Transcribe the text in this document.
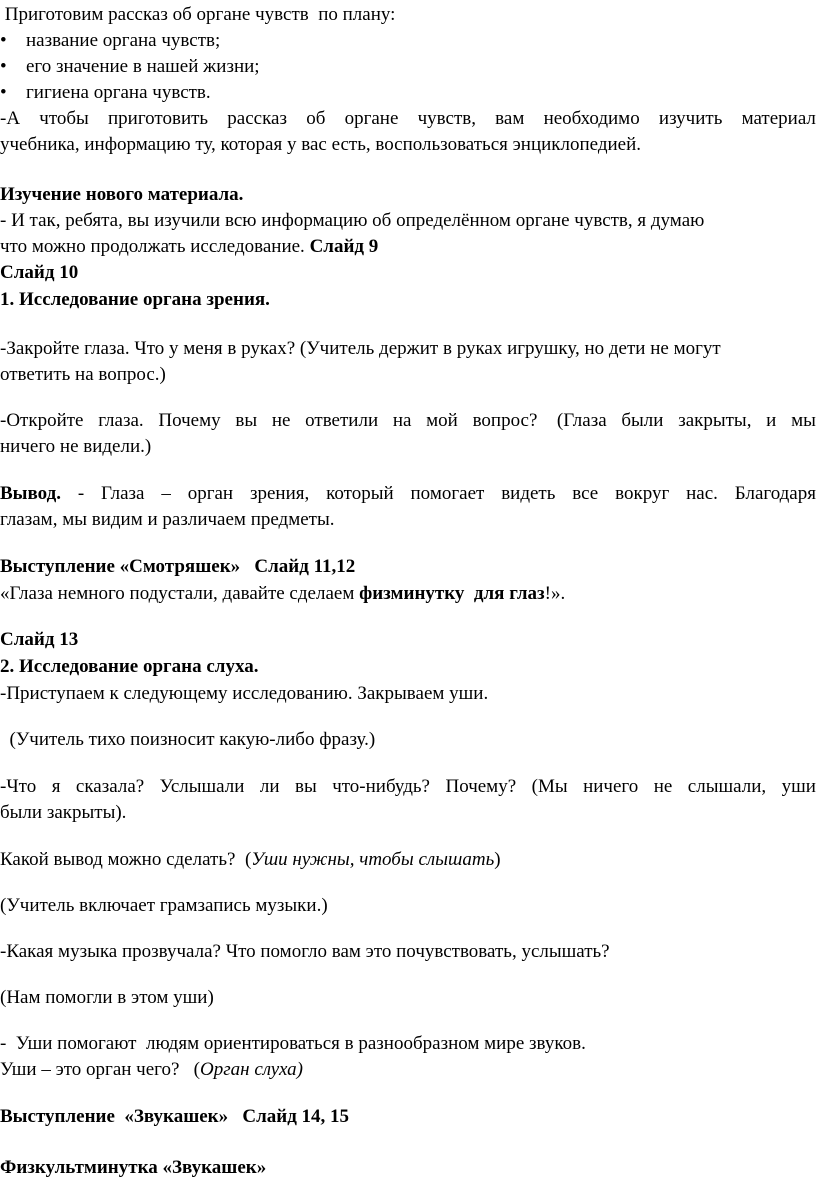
Приготовим рассказ об органе чувств  по плану:
• название органа чувств;
• его значение в нашей жизни;
• гигиена органа чувств.
-А чтобы приготовить рассказ об органе чувств, вам необходимо изучить материал
учебника, информацию ту, которая у вас есть, воспользоваться энциклопедией.
Изучение нового материала.
- И так, ребята, вы изучили всю информацию об определённом органе чувств, я думаю
что можно продолжать исследование. Слайд 9
Слайд 10
1. Исследование органа зрения.
-Закройте глаза. Что у меня в руках? (Учитель держит в руках игрушку, но дети не могут
ответить на вопрос.)
-Откройте глаза. Почему вы не ответили на мой вопрос? (Глаза были закрыты, и мы
ничего не видели.)
Вывод. - Глаза – орган зрения, который помогает видеть все вокруг нас. Благодаря
глазам, мы видим и различаем предметы.
Выступление «Смотряшек»   Слайд 11,12
«Глаза немного подустали, давайте сделаем физминутку  для глаз!».
Слайд 13
2. Исследование органа слуха.
-Приступаем к следующему исследованию. Закрываем уши.
(Учитель тихо поизносит какую-либо фразу.)
-Что я сказала? Услышали ли вы что-нибудь? Почему? (Мы ничего не слышали, уши
были закрыты).
Какой вывод можно сделать?  (Уши нужны, чтобы слышать)
(Учитель включает грамзапись музыки.)
-Какая музыка прозвучала? Что помогло вам это почувствовать, услышать?
(Нам помогли в этом уши)
-  Уши помогают  людям ориентироваться в разнообразном мире звуков.
Уши – это орган чего?   (Орган слуха)
Выступление  «Звукашек»   Слайд 14, 15
Физкультминутка «Звукашек»
